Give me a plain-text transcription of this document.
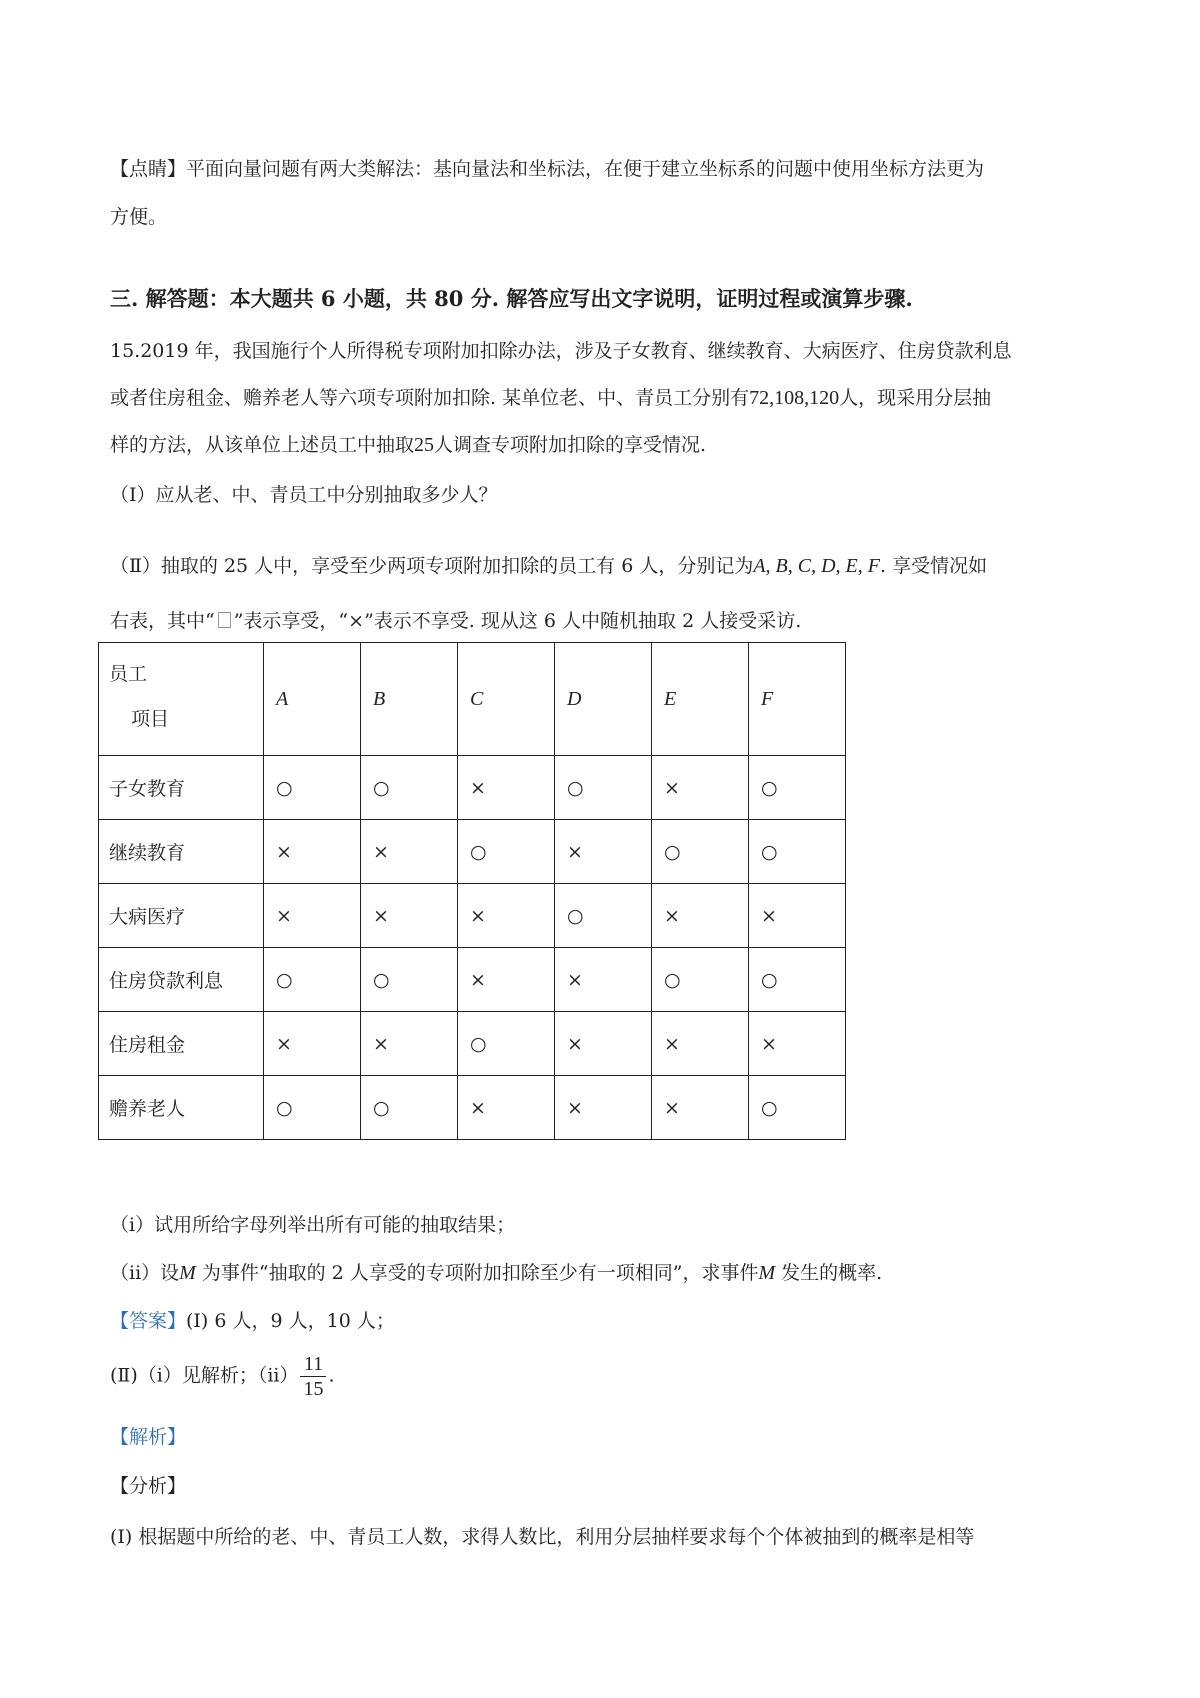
【点睛】平面向量问题有两大类解法：基向量法和坐标法，在便于建立坐标系的问题中使用坐标方法更为
方便。
三. 解答题：本大题共 6 小题，共 80 分. 解答应写出文字说明，证明过程或演算步骤.
15.2019 年，我国施行个人所得税专项附加扣除办法，涉及子女教育、继续教育、大病医疗、住房贷款利息
或者住房租金、赡养老人等六项专项附加扣除. 某单位老、中、青员工分别有72,108,120人，现采用分层抽
样的方法，从该单位上述员工中抽取25人调查专项附加扣除的享受情况.
（Ⅰ）应从老、中、青员工中分别抽取多少人？
（Ⅱ）抽取的 25 人中，享受至少两项专项附加扣除的员工有 6 人，分别记为A, B, C, D, E, F. 享受情况如
右表，其中“ ”表示享受，“×”表示不享受. 现从这 6 人中随机抽取 2 人接受采访.
员工
项目	A	B	C	D	E	F
子女教育	○	○	×	○	×	○
继续教育	×	×	○	×	○	○
大病医疗	×	×	×	○	×	×
住房贷款利息	○	○	×	×	○	○
住房租金	×	×	○	×	×	×
赡养老人	○	○	×	×	×	○
（i）试用所给字母列举出所有可能的抽取结果；
（ii）设M 为事件“抽取的 2 人享受的专项附加扣除至少有一项相同”，求事件M 发生的概率.
【答案】(Ⅰ) 6 人，9 人，10 人；
(Ⅱ)（i）见解析；$(ii) \frac{11}{15}$ .
【解析】
【分析】
(Ⅰ) 根据题中所给的老、中、青员工人数，求得人数比，利用分层抽样要求每个个体被抽到的概率是相等
